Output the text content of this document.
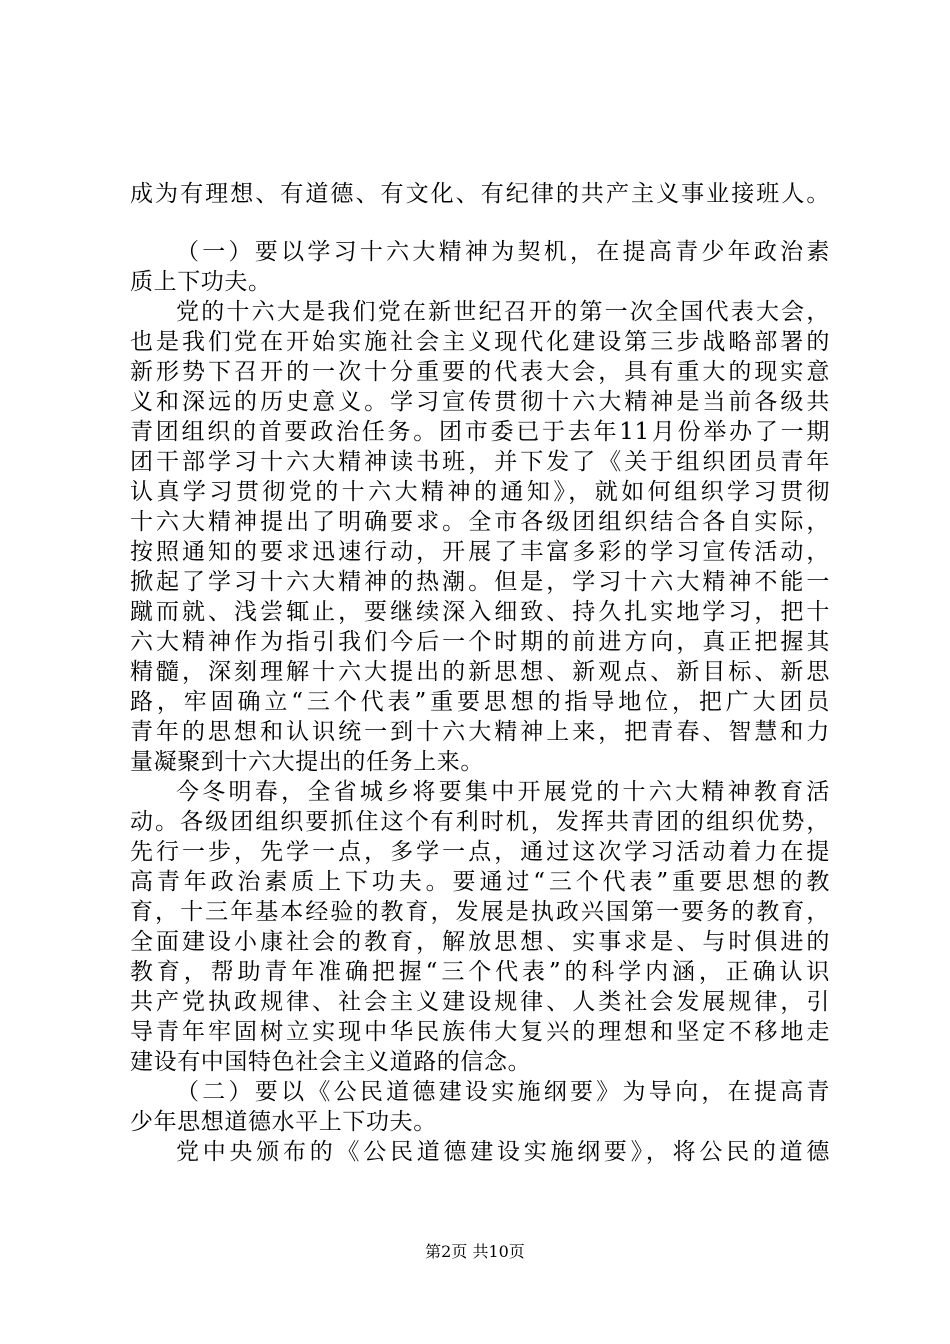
成为有理想、有道德、有文化、有纪律的共产主义事业接班人。
（一）要以学习十六大精神为契机，在提高青少年政治素
质上下功夫。
党的十六大是我们党在新世纪召开的第一次全国代表大会，
也是我们党在开始实施社会主义现代化建设第三步战略部署的
新形势下召开的一次十分重要的代表大会，具有重大的现实意
义和深远的历史意义。学习宣传贯彻十六大精神是当前各级共
青团组织的首要政治任务。团市委已于去年11月份举办了一期
团干部学习十六大精神读书班，并下发了《关于组织团员青年
认真学习贯彻党的十六大精神的通知》，就如何组织学习贯彻
十六大精神提出了明确要求。全市各级团组织结合各自实际，
按照通知的要求迅速行动，开展了丰富多彩的学习宣传活动，
掀起了学习十六大精神的热潮。但是，学习十六大精神不能一
蹴而就、浅尝辄止，要继续深入细致、持久扎实地学习，把十
六大精神作为指引我们今后一个时期的前进方向，真正把握其
精髓，深刻理解十六大提出的新思想、新观点、新目标、新思
路，牢固确立“三个代表”重要思想的指导地位，把广大团员
青年的思想和认识统一到十六大精神上来，把青春、智慧和力
量凝聚到十六大提出的任务上来。
今冬明春，全省城乡将要集中开展党的十六大精神教育活
动。各级团组织要抓住这个有利时机，发挥共青团的组织优势，
先行一步，先学一点，多学一点，通过这次学习活动着力在提
高青年政治素质上下功夫。要通过“三个代表”重要思想的教
育，十三年基本经验的教育，发展是执政兴国第一要务的教育，
全面建设小康社会的教育，解放思想、实事求是、与时俱进的
教育，帮助青年准确把握“三个代表”的科学内涵，正确认识
共产党执政规律、社会主义建设规律、人类社会发展规律，引
导青年牢固树立实现中华民族伟大复兴的理想和坚定不移地走
建设有中国特色社会主义道路的信念。
（二）要以《公民道德建设实施纲要》为导向，在提高青
少年思想道德水平上下功夫。
党中央颁布的《公民道德建设实施纲要》，将公民的道德
第2页 共10页
